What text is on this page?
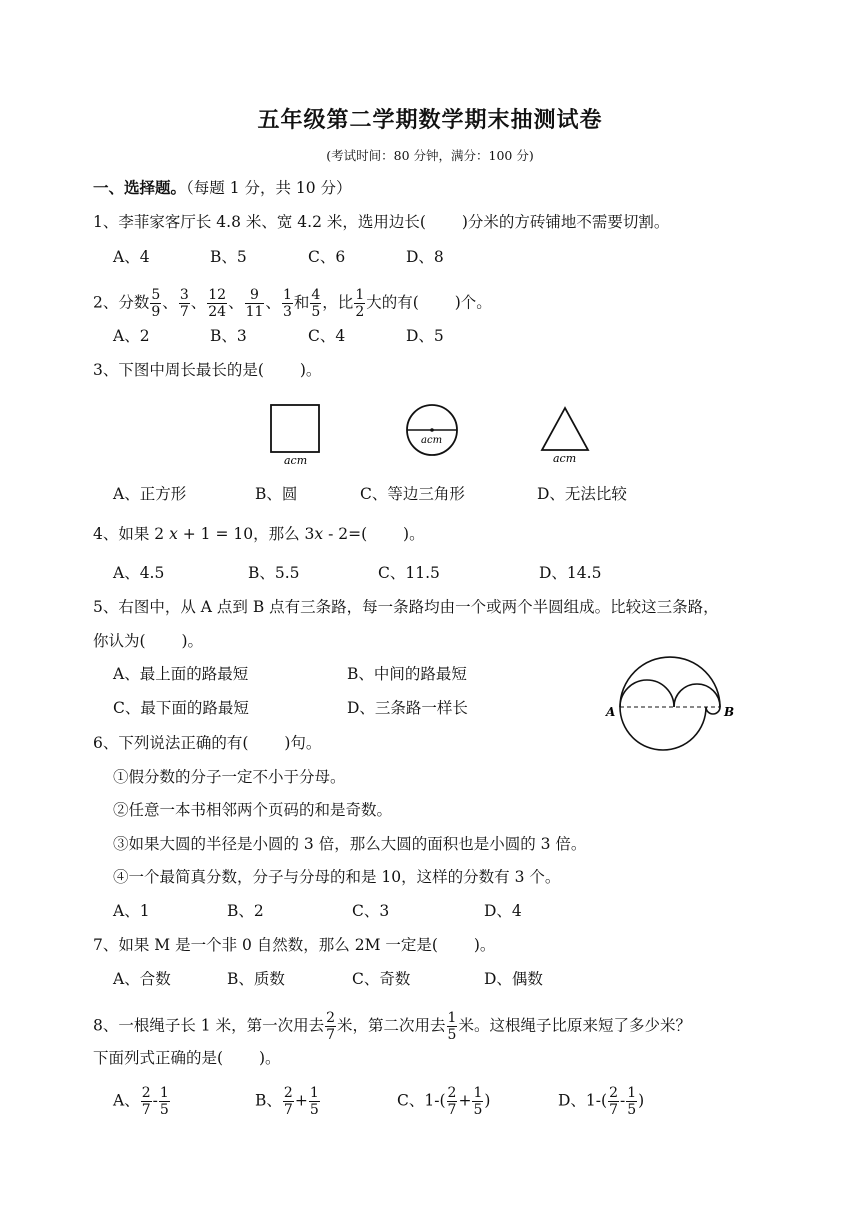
五年级第二学期数学期末抽测试卷
(考试时间：80 分钟，满分：100 分)
一、选择题。（每题 1 分，共 10 分）
1、李菲家客厅长 4.8 米、宽 4.2 米，选用边长(　　 )分米的方砖铺地不需要切割。
A、4	B、5	C、6	D、8
2、分数 $\frac{5}{9}$ 、 $\frac{3}{7}$ 、 $\frac{12}{24}$ 、 $\frac{9}{11}$ 、 $\frac{1}{3}$ 和 $\frac{4}{5}$ ，比 $\frac{1}{2}$ 大的有(　　 )个。
A、2	B、3	C、4	D、5
3、下图中周长最长的是(　　 )。
acm
acm
acm
A、正方形	B、圆	C、等边三角形	D、无法比较
4、如果 2 x + 1 = 10，那么 3x - 2=(　　 )。
A、4.5	B、5.5	C、11.5	D、14.5
5、右图中，从 A 点到 B 点有三条路，每一条路均由一个或两个半圆组成。比较这三条路，
你认为(　　 )。
A、最上面的路最短	B、中间的路最短
C、最下面的路最短	D、三条路一样长	A	B
6、下列说法正确的有(　　 )句。
①假分数的分子一定不小于分母。
②任意一本书相邻两个页码的和是奇数。
③如果大圆的半径是小圆的 3 倍，那么大圆的面积也是小圆的 3 倍。
④一个最简真分数，分子与分母的和是 10，这样的分数有 3 个。
A、1	B、2	C、3	D、4
7、如果 M 是一个非 0 自然数，那么 2M 一定是(　　 )。
A、合数	B、质数	C、奇数	D、偶数
8、一根绳子长 1 米，第一次用去 $\frac{2}{7}$ 米，第二次用去 $\frac{1}{5}$ 米。这根绳子比原来短了多少米？
下面列式正确的是(　　 )。
A、 $\frac{2}{7} - \frac{1}{5}$	B、 $\frac{2}{7} + \frac{1}{5}$	C、$1-( \frac{2}{7} + \frac{1}{5}$ )	D、$1-( \frac{2}{7} - \frac{1}{5}$ )
